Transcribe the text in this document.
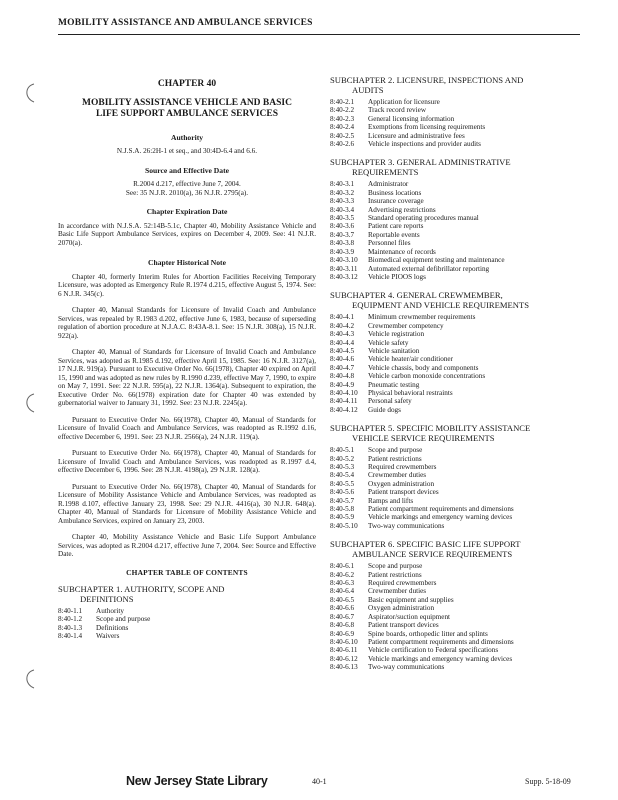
MOBILITY ASSISTANCE AND AMBULANCE SERVICES
CHAPTER 40
MOBILITY ASSISTANCE VEHICLE AND BASIC
LIFE SUPPORT AMBULANCE SERVICES
Authority
N.J.S.A. 26:2H-1 et seq., and 30:4D-6.4 and 6.6.
Source and Effective Date
R.2004 d.217, effective June 7, 2004.
See: 35 N.J.R. 2010(a), 36 N.J.R. 2795(a).
Chapter Expiration Date

In accordance with N.J.S.A. 52:14B-5.1c, Chapter 40, Mobility Assistance Vehicle and Basic Life Support Ambulance Services, expires on December 4, 2009. See: 41 N.J.R. 2070(a).

Chapter Historical Note

Chapter 40, formerly Interim Rules for Abortion Facilities Receiving Temporary Licensure, was adopted as Emergency Rule R.1974 d.215, effective August 5, 1974. See: 6 N.J.R. 345(c).

Chapter 40, Manual Standards for Licensure of Invalid Coach and Ambulance Services, was repealed by R.1983 d.202, effective June 6, 1983, because of superseding regulation of abortion procedure at N.J.A.C. 8:43A-8.1. See: 15 N.J.R. 308(a), 15 N.J.R. 922(a).

Chapter 40, Manual of Standards for Licensure of Invalid Coach and Ambulance Services, was adopted as R.1985 d.192, effective April 15, 1985. See: 16 N.J.R. 3127(a), 17 N.J.R. 919(a). Pursuant to Executive Order No. 66(1978), Chapter 40 expired on April 15, 1990 and was adopted as new rules by R.1990 d.239, effective May 7, 1990, to expire on May 7, 1991. See: 22 N.J.R. 595(a), 22 N.J.R. 1364(a). Subsequent to expiration, the Executive Order No. 66(1978) expiration date for Chapter 40 was extended by gubernatorial waiver to January 31, 1992. See: 23 N.J.R. 2245(a).

Pursuant to Executive Order No. 66(1978), Chapter 40, Manual of Standards for Licensure of Invalid Coach and Ambulance Services, was readopted as R.1992 d.16, effective December 6, 1991. See: 23 N.J.R. 2566(a), 24 N.J.R. 119(a).

Pursuant to Executive Order No. 66(1978), Chapter 40, Manual of Standards for Licensure of Invalid Coach and Ambulance Services, was readopted as R.1997 d.4, effective December 6, 1996. See: 28 N.J.R. 4198(a), 29 N.J.R. 128(a).

Pursuant to Executive Order No. 66(1978), Chapter 40, Manual of Standards for Licensure of Mobility Assistance Vehicle and Ambulance Services, was readopted as R.1998 d.107, effective January 23, 1998. See: 29 N.J.R. 4416(a), 30 N.J.R. 648(a). Chapter 40, Manual of Standards for Licensure of Mobility Assistance Vehicle and Ambulance Services, expired on January 23, 2003.

Chapter 40, Mobility Assistance Vehicle and Basic Life Support Ambulance Services, was adopted as R.2004 d.217, effective June 7, 2004. See: Source and Effective Date.

CHAPTER TABLE OF CONTENTS
SUBCHAPTER 1. AUTHORITY, SCOPE AND
DEFINITIONS
8:40-1.1	Authority
8:40-1.2	Scope and purpose
8:40-1.3	Definitions
8:40-1.4	Waivers
SUBCHAPTER 2. LICENSURE, INSPECTIONS AND
AUDITS
8:40-2.1	Application for licensure
8:40-2.2	Track record review
8:40-2.3	General licensing information
8:40-2.4	Exemptions from licensing requirements
8:40-2.5	Licensure and administrative fees
8:40-2.6	Vehicle inspections and provider audits
SUBCHAPTER 3. GENERAL ADMINISTRATIVE
REQUIREMENTS
8:40-3.1	Administrator
8:40-3.2	Business locations
8:40-3.3	Insurance coverage
8:40-3.4	Advertising restrictions
8:40-3.5	Standard operating procedures manual
8:40-3.6	Patient care reports
8:40-3.7	Reportable events
8:40-3.8	Personnel files
8:40-3.9	Maintenance of records
8:40-3.10	Biomedical equipment testing and maintenance
8:40-3.11	Automated external defibrillator reporting
8:40-3.12	Vehicle PIOOS logs
SUBCHAPTER 4. GENERAL CREWMEMBER,
EQUIPMENT AND VEHICLE REQUIREMENTS
8:40-4.1	Minimum crewmember requirements
8:40-4.2	Crewmember competency
8:40-4.3	Vehicle registration
8:40-4.4	Vehicle safety
8:40-4.5	Vehicle sanitation
8:40-4.6	Vehicle heater/air conditioner
8:40-4.7	Vehicle chassis, body and components
8:40-4.8	Vehicle carbon monoxide concentrations
8:40-4.9	Pneumatic testing
8:40-4.10	Physical behavioral restraints
8:40-4.11	Personal safety
8:40-4.12	Guide dogs
SUBCHAPTER 5. SPECIFIC MOBILITY ASSISTANCE
VEHICLE SERVICE REQUIREMENTS
8:40-5.1	Scope and purpose
8:40-5.2	Patient restrictions
8:40-5.3	Required crewmembers
8:40-5.4	Crewmember duties
8:40-5.5	Oxygen administration
8:40-5.6	Patient transport devices
8:40-5.7	Ramps and lifts
8:40-5.8	Patient compartment requirements and dimensions
8:40-5.9	Vehicle markings and emergency warning devices
8:40-5.10	Two-way communications
SUBCHAPTER 6. SPECIFIC BASIC LIFE SUPPORT
AMBULANCE SERVICE REQUIREMENTS
8:40-6.1	Scope and purpose
8:40-6.2	Patient restrictions
8:40-6.3	Required crewmembers
8:40-6.4	Crewmember duties
8:40-6.5	Basic equipment and supplies
8:40-6.6	Oxygen administration
8:40-6.7	Aspirator/suction equipment
8:40-6.8	Patient transport devices
8:40-6.9	Spine boards, orthopedic litter and splints
8:40-6.10	Patient compartment requirements and dimensions
8:40-6.11	Vehicle certification to Federal specifications
8:40-6.12	Vehicle markings and emergency warning devices
8:40-6.13	Two-way communications
New Jersey State Library	40-1	Supp. 5-18-09
